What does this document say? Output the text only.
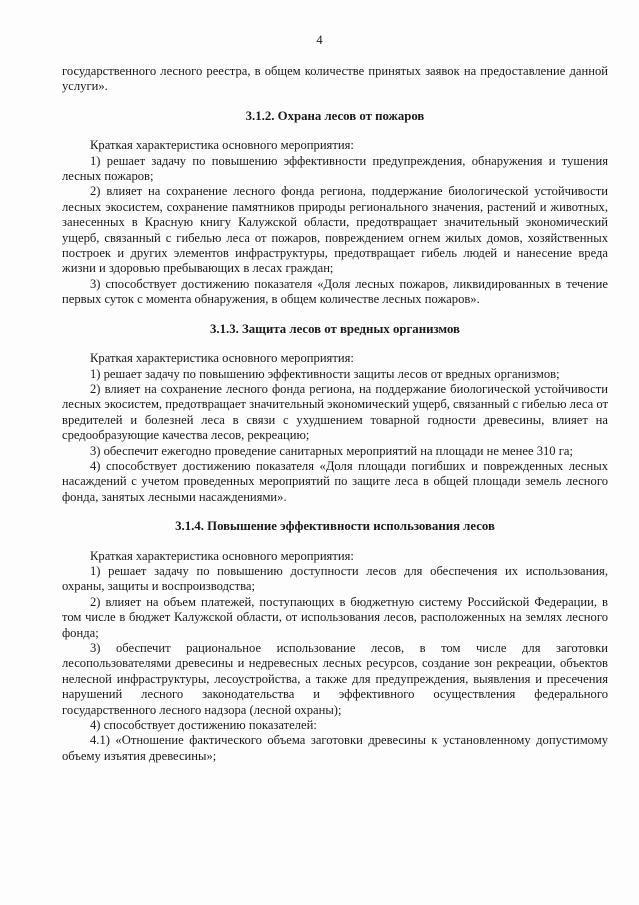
4

государственного лесного реестра, в общем количестве принятых заявок на предоставление данной услуги».

3.1.2. Охрана лесов от пожаров

Краткая характеристика основного мероприятия:

1) решает задачу по повышению эффективности предупреждения, обнаружения и тушения лесных пожаров;

2) влияет на сохранение лесного фонда региона, поддержание биологической устойчивости лесных экосистем, сохранение памятников природы регионального значения, растений и животных, занесенных в Красную книгу Калужской области, предотвращает значительный экономический ущерб, связанный с гибелью леса от пожаров, повреждением огнем жилых домов, хозяйственных построек и других элементов инфраструктуры, предотвращает гибель людей и нанесение вреда жизни и здоровью пребывающих в лесах граждан;

3) способствует достижению показателя «Доля лесных пожаров, ликвидированных в течение первых суток с момента обнаружения, в общем количестве лесных пожаров».

3.1.3. Защита лесов от вредных организмов

Краткая характеристика основного мероприятия:

1) решает задачу по повышению эффективности защиты лесов от вредных организмов;

2) влияет на сохранение лесного фонда региона, на поддержание биологической устойчивости лесных экосистем, предотвращает значительный экономический ущерб, связанный с гибелью леса от вредителей и болезней леса в связи с ухудшением товарной годности древесины, влияет на средообразующие качества лесов, рекреацию;

3) обеспечит ежегодно проведение санитарных мероприятий на площади не менее 310 га;

4) способствует достижению показателя «Доля площади погибших и поврежденных лесных насаждений с учетом проведенных мероприятий по защите леса в общей площади земель лесного фонда, занятых лесными насаждениями».

3.1.4. Повышение эффективности использования лесов

Краткая характеристика основного мероприятия:

1) решает задачу по повышению доступности лесов для обеспечения их использования, охраны, защиты и воспроизводства;

2) влияет на объем платежей, поступающих в бюджетную систему Российской Федерации, в том числе в бюджет Калужской области, от использования лесов, расположенных на землях лесного фонда;

3) обеспечит рациональное использование лесов, в том числе для заготовки лесопользователями древесины и недревесных лесных ресурсов, создание зон рекреации, объектов нелесной инфраструктуры, лесоустройства, а также для предупреждения, выявления и пресечения нарушений лесного законодательства и эффективного осуществления федерального государственного лесного надзора (лесной охраны);

4) способствует достижению показателей:

4.1) «Отношение фактического объема заготовки древесины к установленному допустимому объему изъятия древесины»;
